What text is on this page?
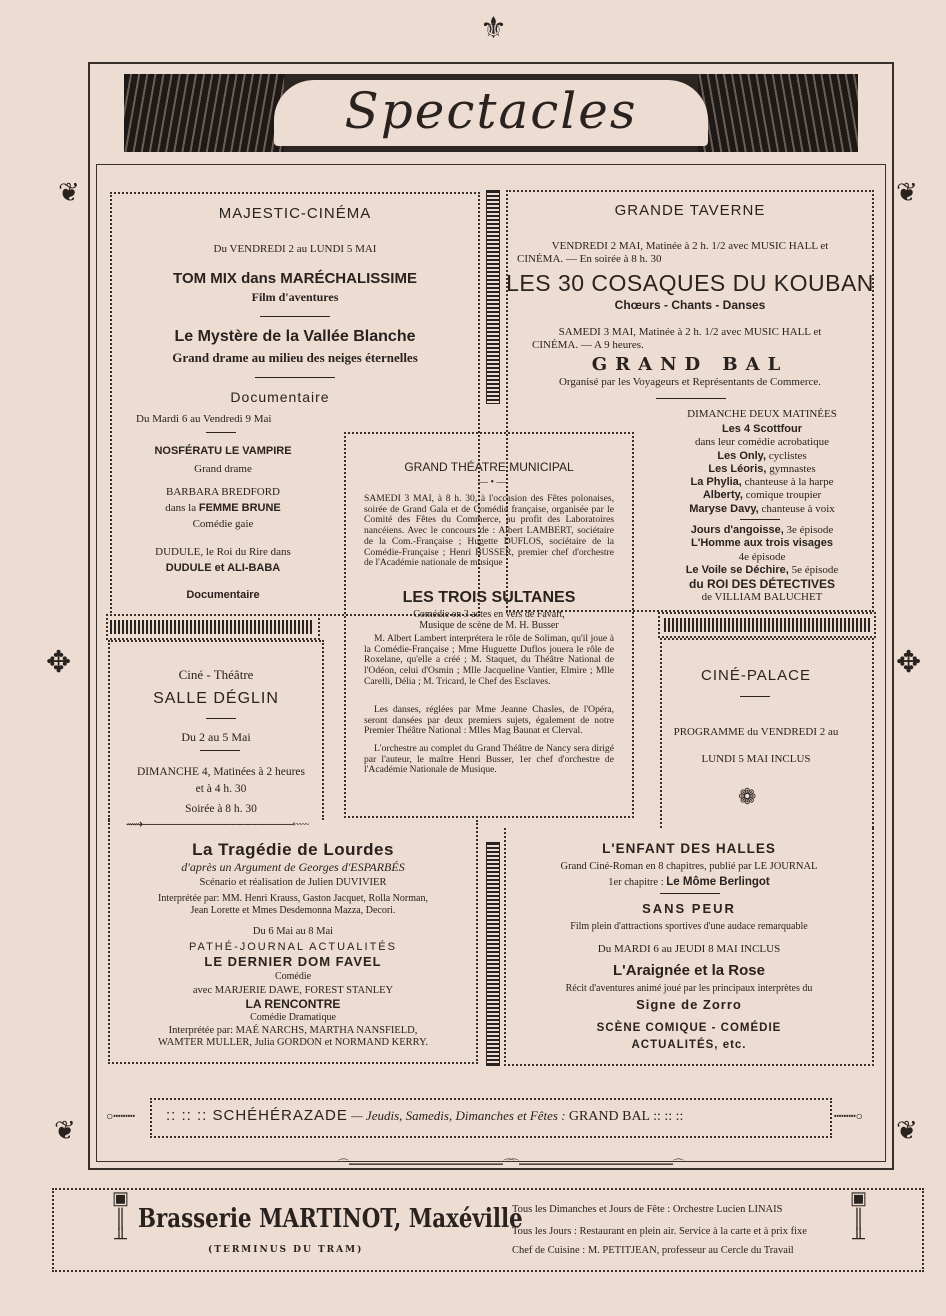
⚜
❦	❦
✥	✥
❦	❦
Spectacles
MAJESTIC-CINÉMA
Du VENDREDI 2 au LUNDI 5 MAI
TOM MIX dans MARÉCHALISSIME
Film d'aventures
Le Mystère de la Vallée Blanche
Grand drame au milieu des neiges éternelles
Documentaire
Du Mardi 6 au Vendredi 9 Mai
NOSFÉRATU LE VAMPIRE
Grand drame
BARBARA BREDFORD
dans la FEMME BRUNE
Comédie gaie
DUDULE, le Roi du Rire dans
DUDULE et ALI-BABA
Documentaire
GRANDE TAVERNE
VENDREDI 2 MAI, Matinée à 2 h. 1/2 avec MUSIC HALL et
CINÉMA. — En soirée à 8 h. 30
LES 30 COSAQUES DU KOUBAN
Chœurs - Chants - Danses
SAMEDI 3 MAI, Matinée à 2 h. 1/2 avec MUSIC HALL et
CINÉMA. — A 9 heures.
GRAND BAL
Organisé par les Voyageurs et Représentants de Commerce.
DIMANCHE DEUX MATINÉES
Les 4 Scottfour
dans leur comédie acrobatique
Les Only, cyclistes
Les Léoris, gymnastes
La Phylia, chanteuse à la harpe
Alberty, comique troupier
Maryse Davy, chanteuse à voix
Jours d'angoisse, 3e épisode
L'Homme aux trois visages
4e épisode
Le Voile se Déchire, 5e épisode
du ROI DES DÉTECTIVES
de VILLIAM BALUCHET
GRAND THÉATRE MUNICIPAL
— • —
SAMEDI 3 MAI, à 8 h. 30, à l'occasion des Fêtes polonaises, soirée de Grand Gala et de Comédie française, organisée par le Comité des Fêtes du Commerce, au profit des Laboratoires nancéiens. Avec le concours de : Albert LAMBERT, sociétaire de la Com.-Française ; Hugette DUFLOS, sociétaire de la Comédie-Française ; Henri BUSSER, premier chef d'orchestre de l'Académie nationale de musique
LES TROIS SULTANES
Comédie en 3 actes en vers de Favart,
Musique de scène de M. H. Busser
M. Albert Lambert interprétera le rôle de Soliman, qu'il joue à la Comédie-Française ; Mme Huguette Duflos jouera le rôle de Roxelane, qu'elle a créé ; M. Staquet, du Théâtre National de l'Odéon, celui d'Osmin ; Mlle Jacqueline Vantier, Elmire ; Mlle Carelli, Délia ; M. Tricard, le Chef des Esclaves.
Les danses, réglées par Mme Jeanne Chasles, de l'Opéra, seront dansées par deux premiers sujets, également de notre Premier Théâtre National : Mlles Mag Baunat et Clerval.
L'orchestre au complet du Grand Théâtre de Nancy sera dirigé par l'auteur, le maître Henri Busser, 1er chef d'orchestre de l'Académie Nationale de Musique.
Ciné - Théâtre
SALLE DÉGLIN
Du 2 au 5 Mai
DIMANCHE 4, Matinées à 2 heures
et à 4 h. 30
Soirée à 8 h. 30
⟿────────────────────⬳
CINÉ-PALACE
PROGRAMME du VENDREDI 2 au
LUNDI 5 MAI INCLUS
❁
La Tragédie de Lourdes
d'après un Argument de Georges d'ESPARBÉS
Scénario et réalisation de Julien DUVIVIER
Interprétée par: MM. Henri Krauss, Gaston Jacquet, Rolla Norman,
Jean Lorette et Mmes Desdemonna Mazza, Decori.
Du 6 Mai au 8 Mai
PATHÉ-JOURNAL ACTUALITÉS
LE DERNIER DOM FAVEL
Comédie
avec MARJERIE DAWE, FOREST STANLEY
LA RENCONTRE
Comédie Dramatique
Interprétée par: MAÉ NARCHS, MARTHA NANSFIELD,
WAMTER MULLER, Julia GORDON et NORMAND KERRY.
L'ENFANT DES HALLES
Grand Ciné-Roman en 8 chapitres, publié par LE JOURNAL
1er chapitre : Le Môme Berlingot
SANS PEUR
Film plein d'attractions sportives d'une audace remarquable
Du MARDI 6 au JEUDI 8 MAI INCLUS
L'Araignée et la Rose
Récit d'aventures animé joué par les principaux interprètes du
Signe de Zorro
SCÈNE COMIQUE - COMÉDIE
ACTUALITÉS, etc.
○┅┅┅	┅┅┅○
:: :: :: SCHÉHÉRAZADE — Jeudis, Samedis, Dimanches et Fêtes : GRAND BAL :: :: ::
⌒━━━━━━━━━━━━━━⌒
⌒━━━━━━━━━━━━━━⌒
▣
║
╨
▣
║
╨
Brasserie MARTINOT, Maxéville
(TERMINUS DU TRAM)
Tous les Dimanches et Jours de Fête : Orchestre Lucien LINAIS
Tous les Jours : Restaurant en plein air. Service à la carte et à prix fixe
Chef de Cuisine : M. PETITJEAN, professeur au Cercle du Travail
